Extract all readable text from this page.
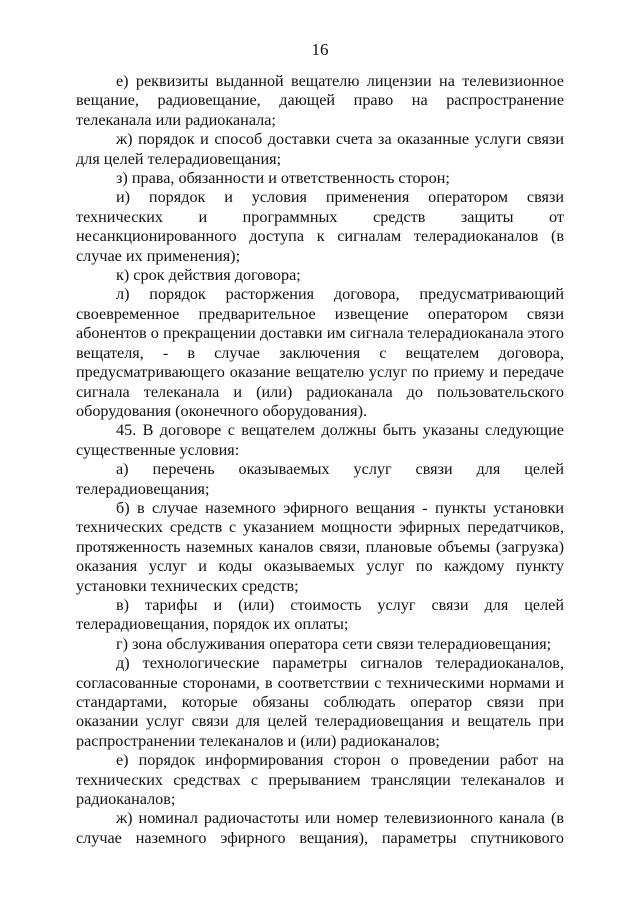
16

е) реквизиты выданной вещателю лицензии на телевизионное вещание, радиовещание, дающей право на распространение телеканала или радиоканала;

ж) порядок и способ доставки счета за оказанные услуги связи для целей телерадиовещания;

з) права, обязанности и ответственность сторон;

и) порядок и условия применения оператором связи технических и программных средств защиты от несанкционированного доступа к сигналам телерадиоканалов (в случае их применения);

к) срок действия договора;

л) порядок расторжения договора, предусматривающий своевременное предварительное извещение оператором связи абонентов о прекращении доставки им сигнала телерадиоканала этого вещателя, - в случае заключения с вещателем договора, предусматривающего оказание вещателю услуг по приему и передаче сигнала телеканала и (или) радиоканала до пользовательского оборудования (оконечного оборудования).

45. В договоре с вещателем должны быть указаны следующие существенные условия:

а) перечень оказываемых услуг связи для целей телерадиовещания;

б) в случае наземного эфирного вещания - пункты установки технических средств с указанием мощности эфирных передатчиков, протяженность наземных каналов связи, плановые объемы (загрузка) оказания услуг и коды оказываемых услуг по каждому пункту установки технических средств;

в) тарифы и (или) стоимость услуг связи для целей телерадиовещания, порядок их оплаты;

г) зона обслуживания оператора сети связи телерадиовещания;

д) технологические параметры сигналов телерадиоканалов, согласованные сторонами, в соответствии с техническими нормами и стандартами, которые обязаны соблюдать оператор связи при оказании услуг связи для целей телерадиовещания и вещатель при распространении телеканалов и (или) радиоканалов;

е) порядок информирования сторон о проведении работ на технических средствах с прерыванием трансляции телеканалов и радиоканалов;

ж) номинал радиочастоты или номер телевизионного канала (в случае наземного эфирного вещания), параметры спутникового
